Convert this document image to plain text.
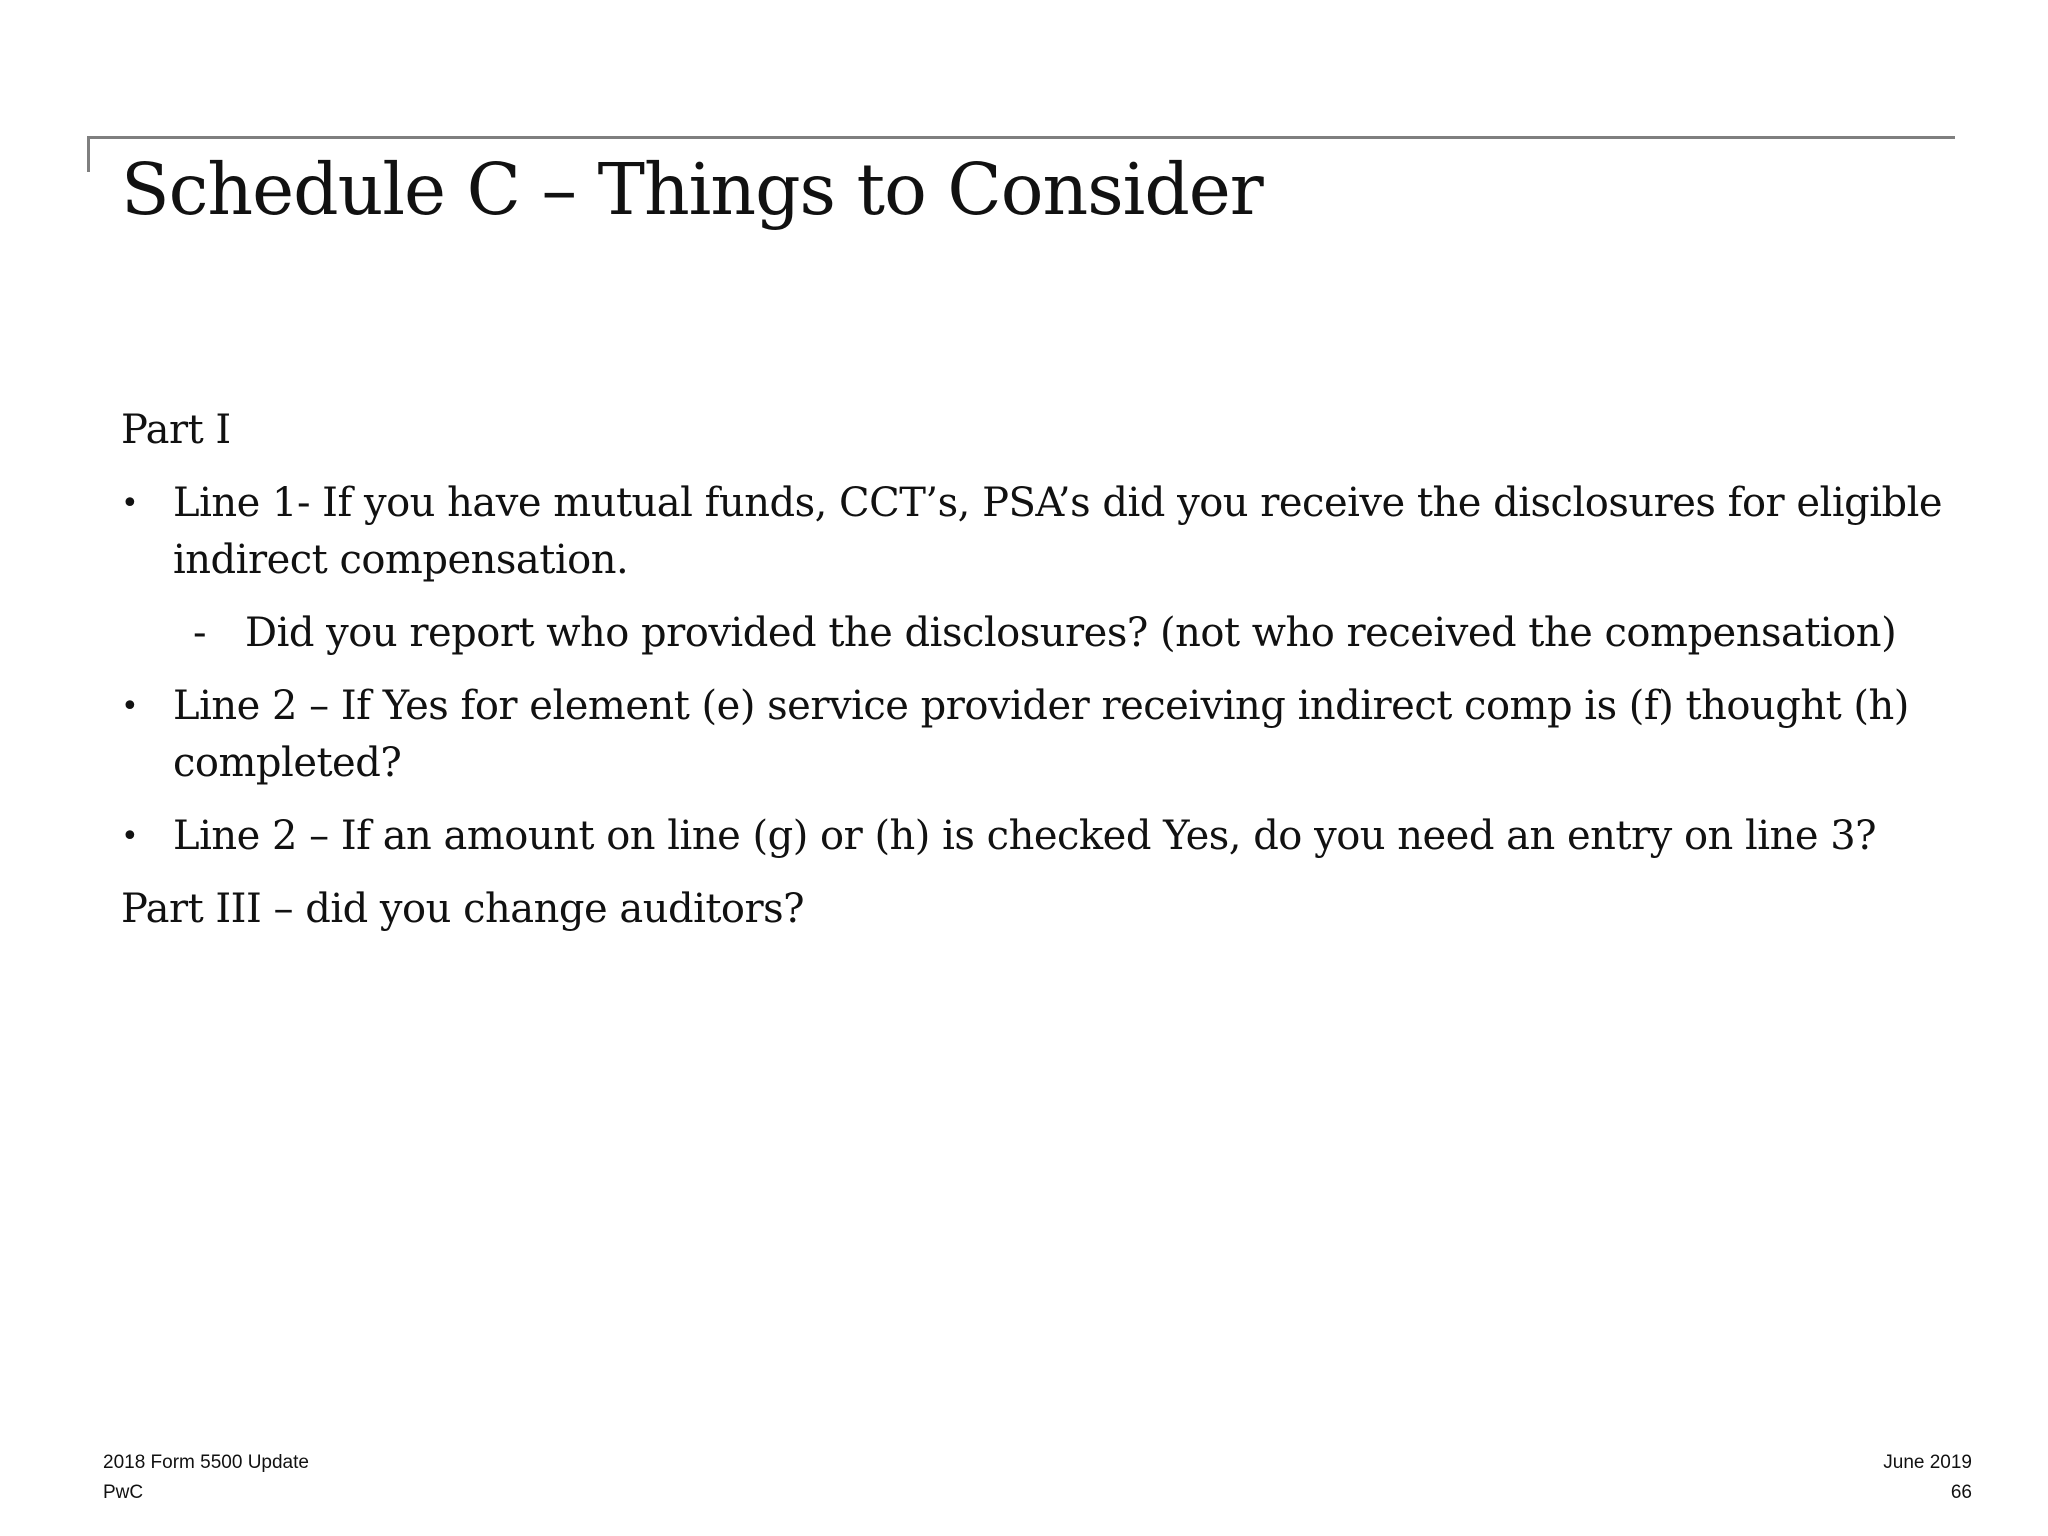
Schedule C – Things to Consider

Part I

• Line 1- If you have mutual funds, CCT’s, PSA’s did you receive the disclosures for eligible indirect compensation.
- Did you report who provided the disclosures? (not who received the compensation)
• Line 2 – If Yes for element (e) service provider receiving indirect comp is (f) thought (h) completed?
• Line 2 – If an amount on line (g) or (h) is checked Yes, do you need an entry on line 3?

Part III – did you change auditors?

2018 Form 5500 Update
PwC
June 2019
66
